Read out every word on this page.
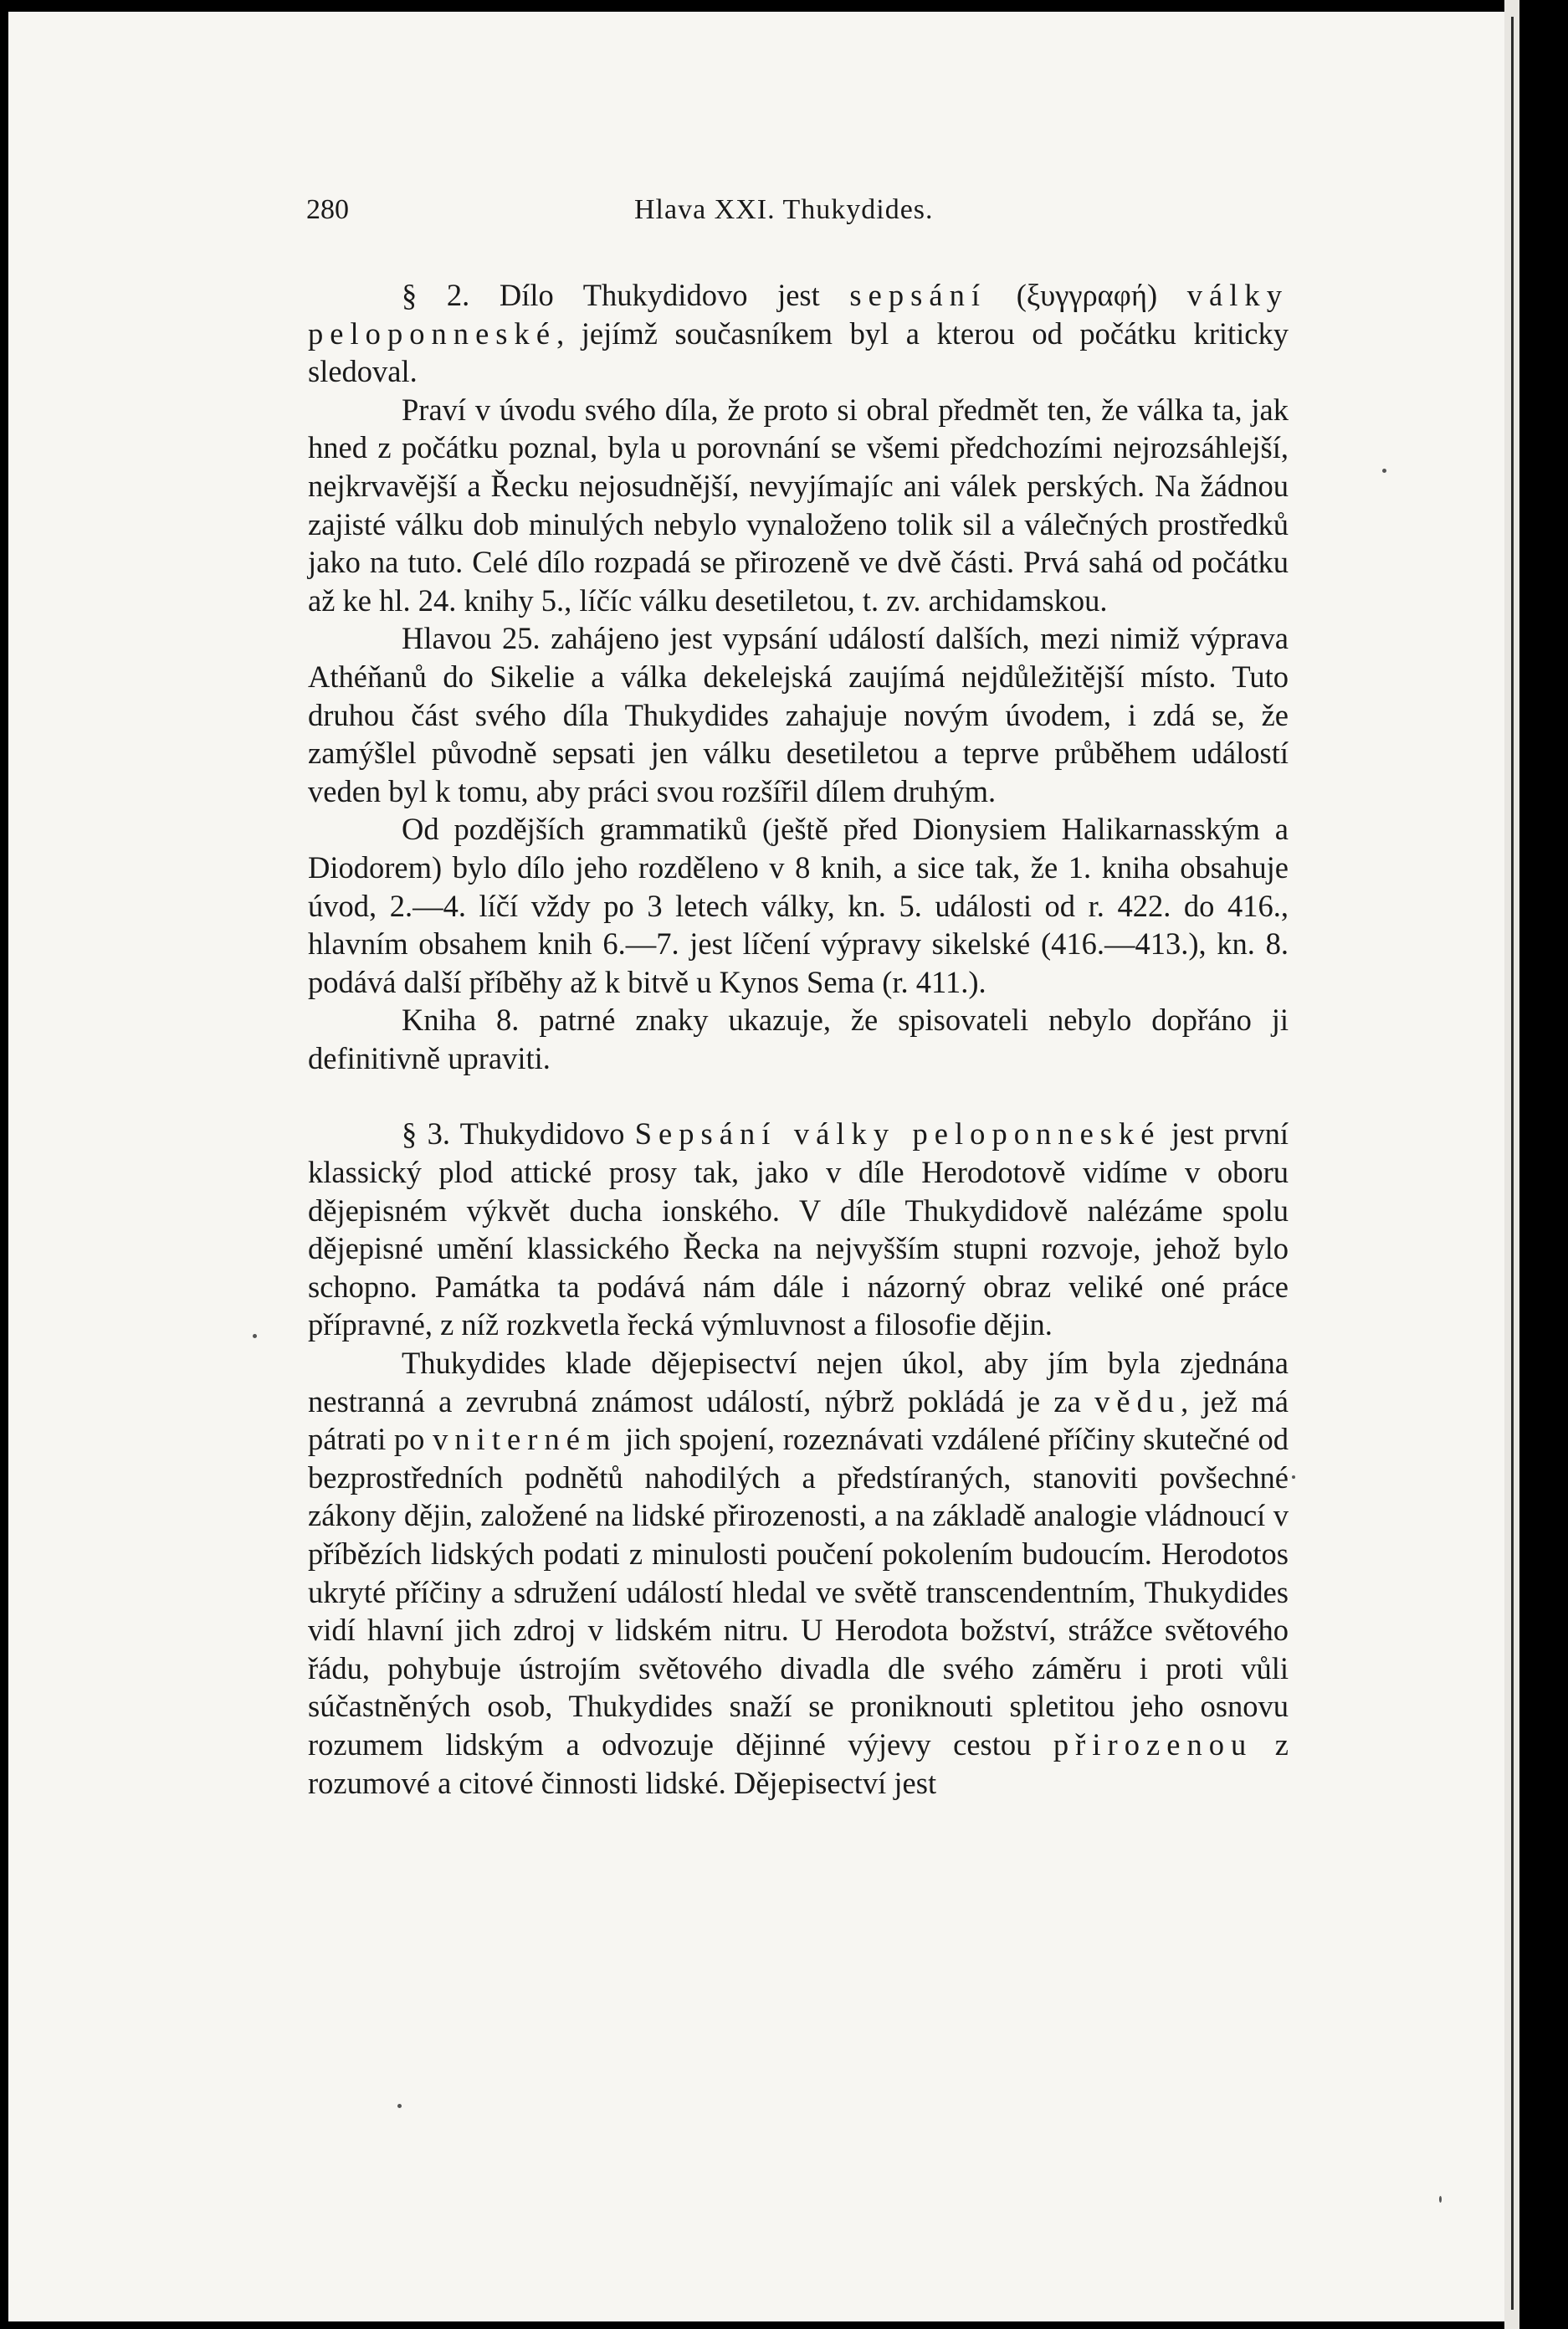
280	Hlava XXI. Thukydides.

§ 2. Dílo Thukydidovo jest sepsání (ξυγγραφή) války peloponneské, jejímž současníkem byl a kterou od počátku kriticky sledoval.

Praví v úvodu svého díla, že proto si obral předmět ten, že válka ta, jak hned z počátku poznal, byla u porovnání se všemi předchozími nejrozsáhlejší, nejkrvavější a Řecku nejosudnější, nevyjímajíc ani válek perských. Na žádnou zajisté válku dob minulých nebylo vynaloženo tolik sil a válečných prostředků jako na tuto. Celé dílo rozpadá se přirozeně ve dvě části. Prvá sahá od počátku až ke hl. 24. knihy 5., líčíc válku desetiletou, t. zv. archidamskou.

Hlavou 25. zahájeno jest vypsání událostí dalších, mezi nimiž výprava Athéňanů do Sikelie a válka dekelejská zaujímá nejdůležitější místo. Tuto druhou část svého díla Thukydides zahajuje novým úvodem, i zdá se, že zamýšlel původně sepsati jen válku desetiletou a teprve průběhem událostí veden byl k tomu, aby práci svou rozšířil dílem druhým.

Od pozdějších grammatiků (ještě před Dionysiem Halikarnasským a Diodorem) bylo dílo jeho rozděleno v 8 knih, a sice tak, že 1. kniha obsahuje úvod, 2.—4. líčí vždy po 3 letech války, kn. 5. události od r. 422. do 416., hlavním obsahem knih 6.—7. jest líčení výpravy sikelské (416.—413.), kn. 8. podává další příběhy až k bitvě u Kynos Sema (r. 411.).

Kniha 8. patrné znaky ukazuje, že spisovateli nebylo dopřáno ji definitivně upraviti.

§ 3. Thukydidovo Sepsání války peloponneské jest první klassický plod attické prosy tak, jako v díle Herodotově vidíme v oboru dějepisném výkvět ducha ionského. V díle Thukydidově nalézáme spolu dějepisné umění klassického Řecka na nejvyšším stupni rozvoje, jehož bylo schopno. Památka ta podává nám dále i názorný obraz veliké oné práce přípravné, z níž rozkvetla řecká výmluvnost a filosofie dějin.

Thukydides klade dějepisectví nejen úkol, aby jím byla zjednána nestranná a zevrubná známost událostí, nýbrž pokládá je za vědu, jež má pátrati po vniterném jich spojení, rozeznávati vzdálené příčiny skutečné od bezprostředních podnětů nahodilých a předstíraných, stanoviti povšechné zákony dějin, založené na lidské přirozenosti, a na základě analogie vládnoucí v příbězích lidských podati z minulosti poučení pokolením budoucím. Herodotos ukryté příčiny a sdružení událostí hledal ve světě transcendentním, Thukydides vidí hlavní jich zdroj v lidském nitru. U Herodota božství, strážce světového řádu, pohybuje ústrojím světového divadla dle svého záměru i proti vůli súčastněných osob, Thukydides snaží se proniknouti spletitou jeho osnovu rozumem lidským a odvozuje dějinné výjevy cestou přirozenou z rozumové a citové činnosti lidské. Dějepisectví jest
